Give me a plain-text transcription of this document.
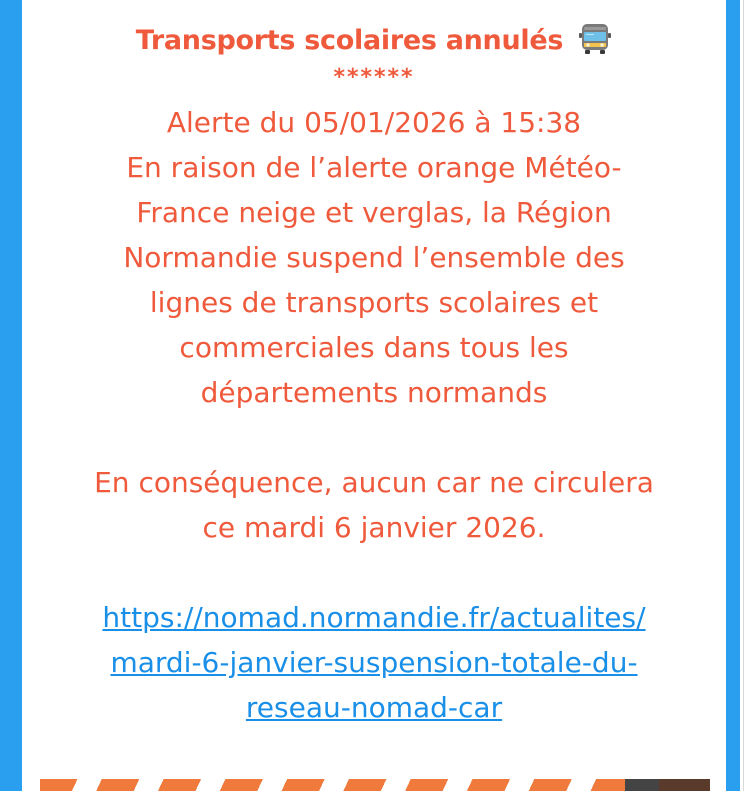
Transports scolaires annulés
******
Alerte du 05/01/2026 à 15:38
En raison de l’alerte orange Météo-
France neige et verglas, la Région
Normandie suspend l’ensemble des
lignes de transports scolaires et
commerciales dans tous les
départements normands
En conséquence, aucun car ne circulera
ce mardi 6 janvier 2026.
https://nomad.normandie.fr/actualites/
mardi-6-janvier-suspension-totale-du-
reseau-nomad-car
